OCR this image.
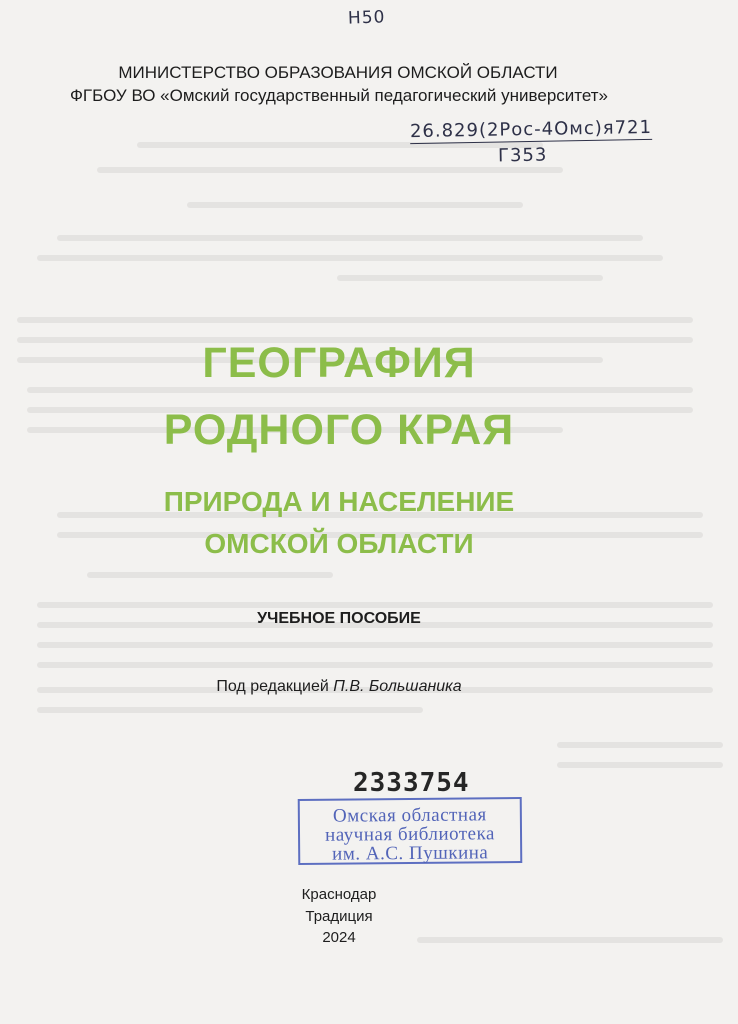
Н50
МИНИСТЕРСТВО ОБРАЗОВАНИЯ ОМСКОЙ ОБЛАСТИ
ФГБОУ ВО «Омский государственный педагогический университет»
26.829(2Рос-4Омс)я721
Г353
ГЕОГРАФИЯ
РОДНОГО КРАЯ
ПРИРОДА И НАСЕЛЕНИЕ
ОМСКОЙ ОБЛАСТИ
УЧЕБНОЕ ПОСОБИЕ
Под редакцией П.В. Большаника
2333754
Омская областная
научная библиотека
им. А.С. Пушкина
Краснодар
Традиция
2024
